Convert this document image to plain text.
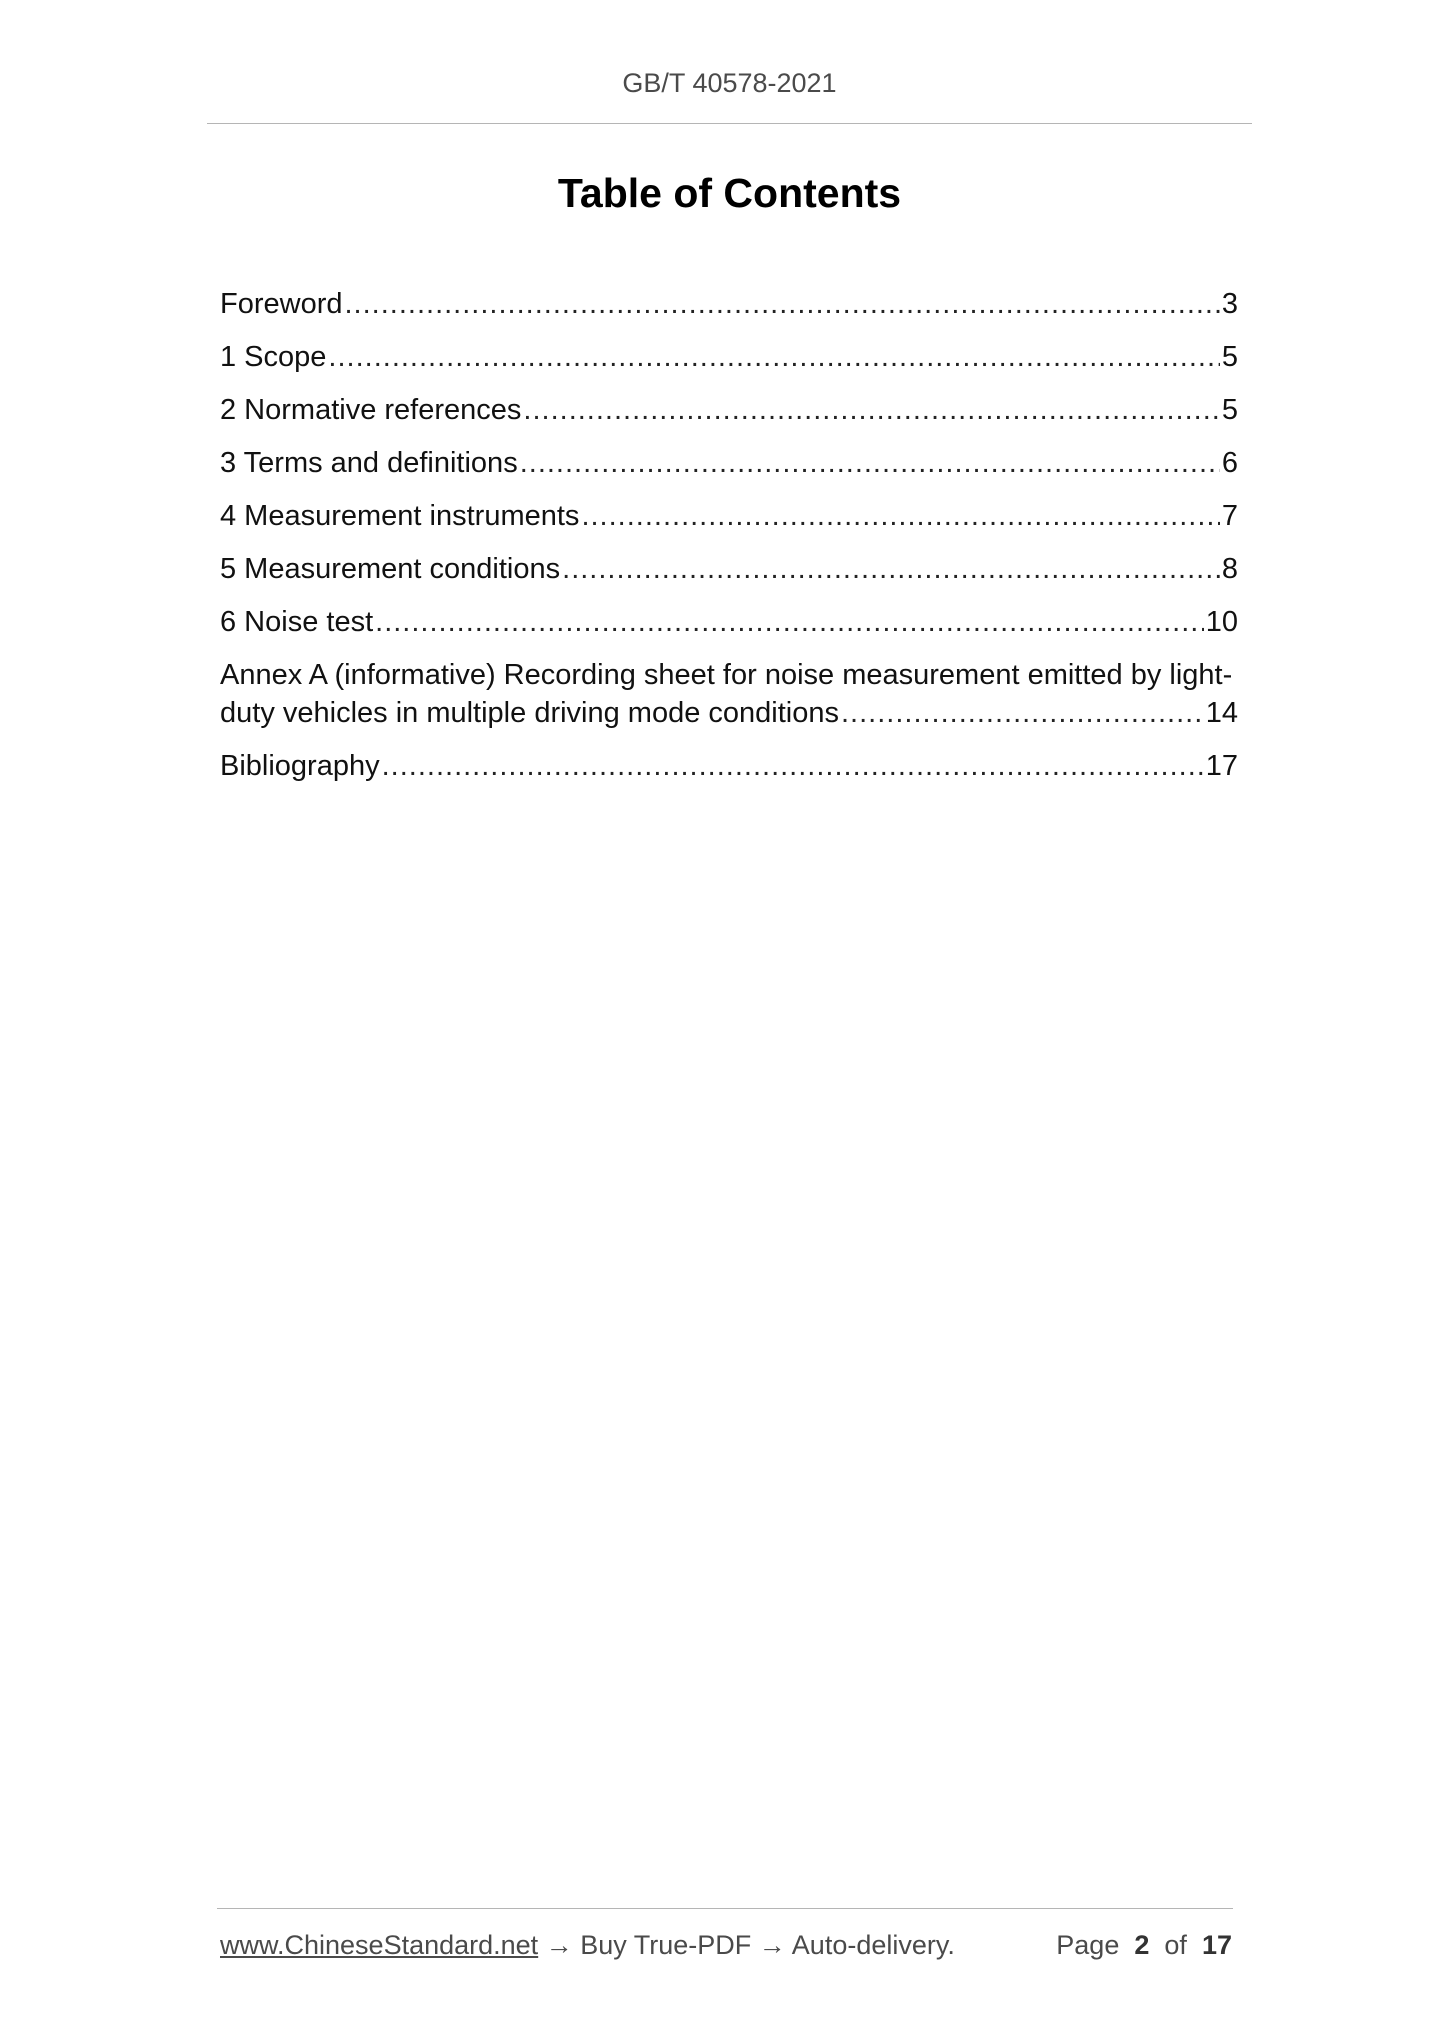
GB/T 40578-2021
Table of Contents
Foreword .....	3
1 Scope .....	5
2 Normative references .....	5
3 Terms and definitions .....	6
4 Measurement instruments .....	7
5 Measurement conditions .....	8
6 Noise test .....	10
Annex A (informative) Recording sheet for noise measurement emitted by light-
duty vehicles in multiple driving mode conditions .....	14
Bibliography .....	17
www.ChineseStandard.net → Buy True-PDF → Auto-delivery.	Page 2 of 17
